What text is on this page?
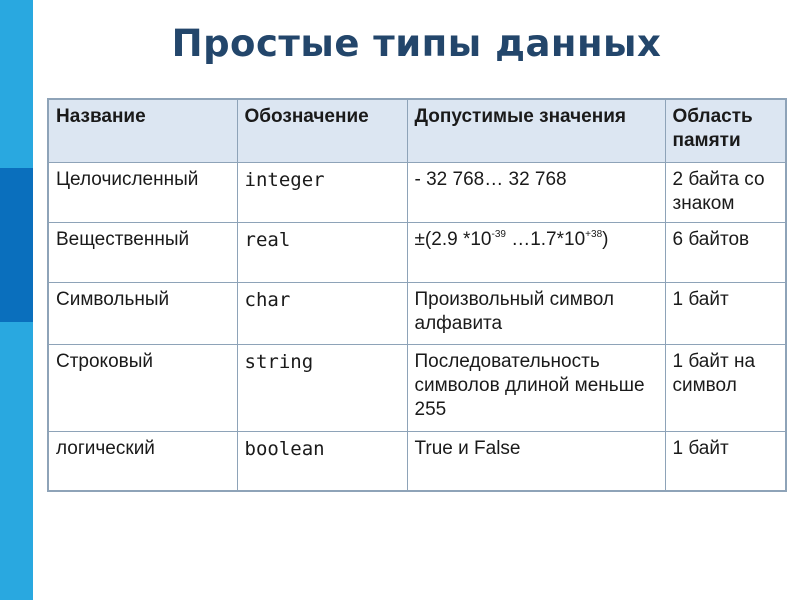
Простые типы данных
Название	Обозначение	Допустимые значения	Область памяти
Целочисленный	integer	- 32 768… 32 768	2 байта со знаком
Вещественный	real	±(2.9 $*10^{-39}$ $\dots 1.7*10^{+38}$)	6 байтов
Символьный	char	Произвольный символ алфавита	1 байт
Строковый	string	Последовательность символов длиной меньше 255	1 байт на символ
логический	boolean	True и False	1 байт
